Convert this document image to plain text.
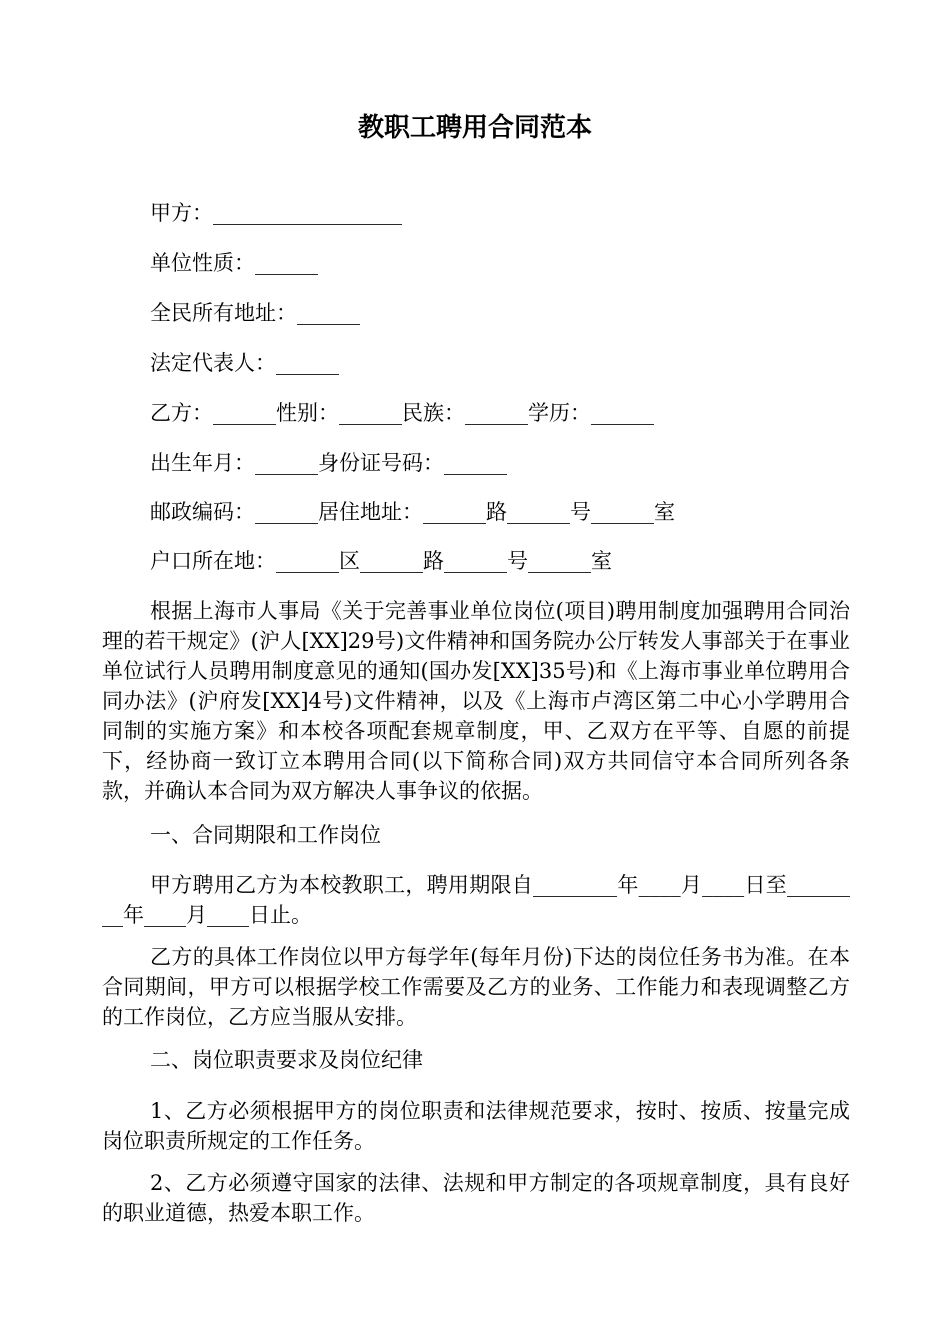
教职工聘用合同范本
甲方：__________________
单位性质：______
全民所有地址：______
法定代表人：______
乙方：______性别：______民族：______学历：______
出生年月：______身份证号码：______
邮政编码：______居住地址：______路______号______室
户口所在地：______区______路______号______室
根据上海市人事局《关于完善事业单位岗位(项目)聘用制度加强聘用合同治理的若干规定》(沪人[XX]29号)文件精神和国务院办公厅转发人事部关于在事业单位试行人员聘用制度意见的通知(国办发[XX]35号)和《上海市事业单位聘用合同办法》(沪府发[XX]4号)文件精神，以及《上海市卢湾区第二中心小学聘用合同制的实施方案》和本校各项配套规章制度，甲、乙双方在平等、自愿的前提下，经协商一致订立本聘用合同(以下简称合同)双方共同信守本合同所列各条款，并确认本合同为双方解决人事争议的依据。
一、合同期限和工作岗位
甲方聘用乙方为本校教职工，聘用期限自________年____月____日至________年____月____日止。
乙方的具体工作岗位以甲方每学年(每年月份)下达的岗位任务书为准。在本合同期间，甲方可以根据学校工作需要及乙方的业务、工作能力和表现调整乙方的工作岗位，乙方应当服从安排。
二、岗位职责要求及岗位纪律
1、乙方必须根据甲方的岗位职责和法律规范要求，按时、按质、按量完成岗位职责所规定的工作任务。
2、乙方必须遵守国家的法律、法规和甲方制定的各项规章制度，具有良好的职业道德，热爱本职工作。
